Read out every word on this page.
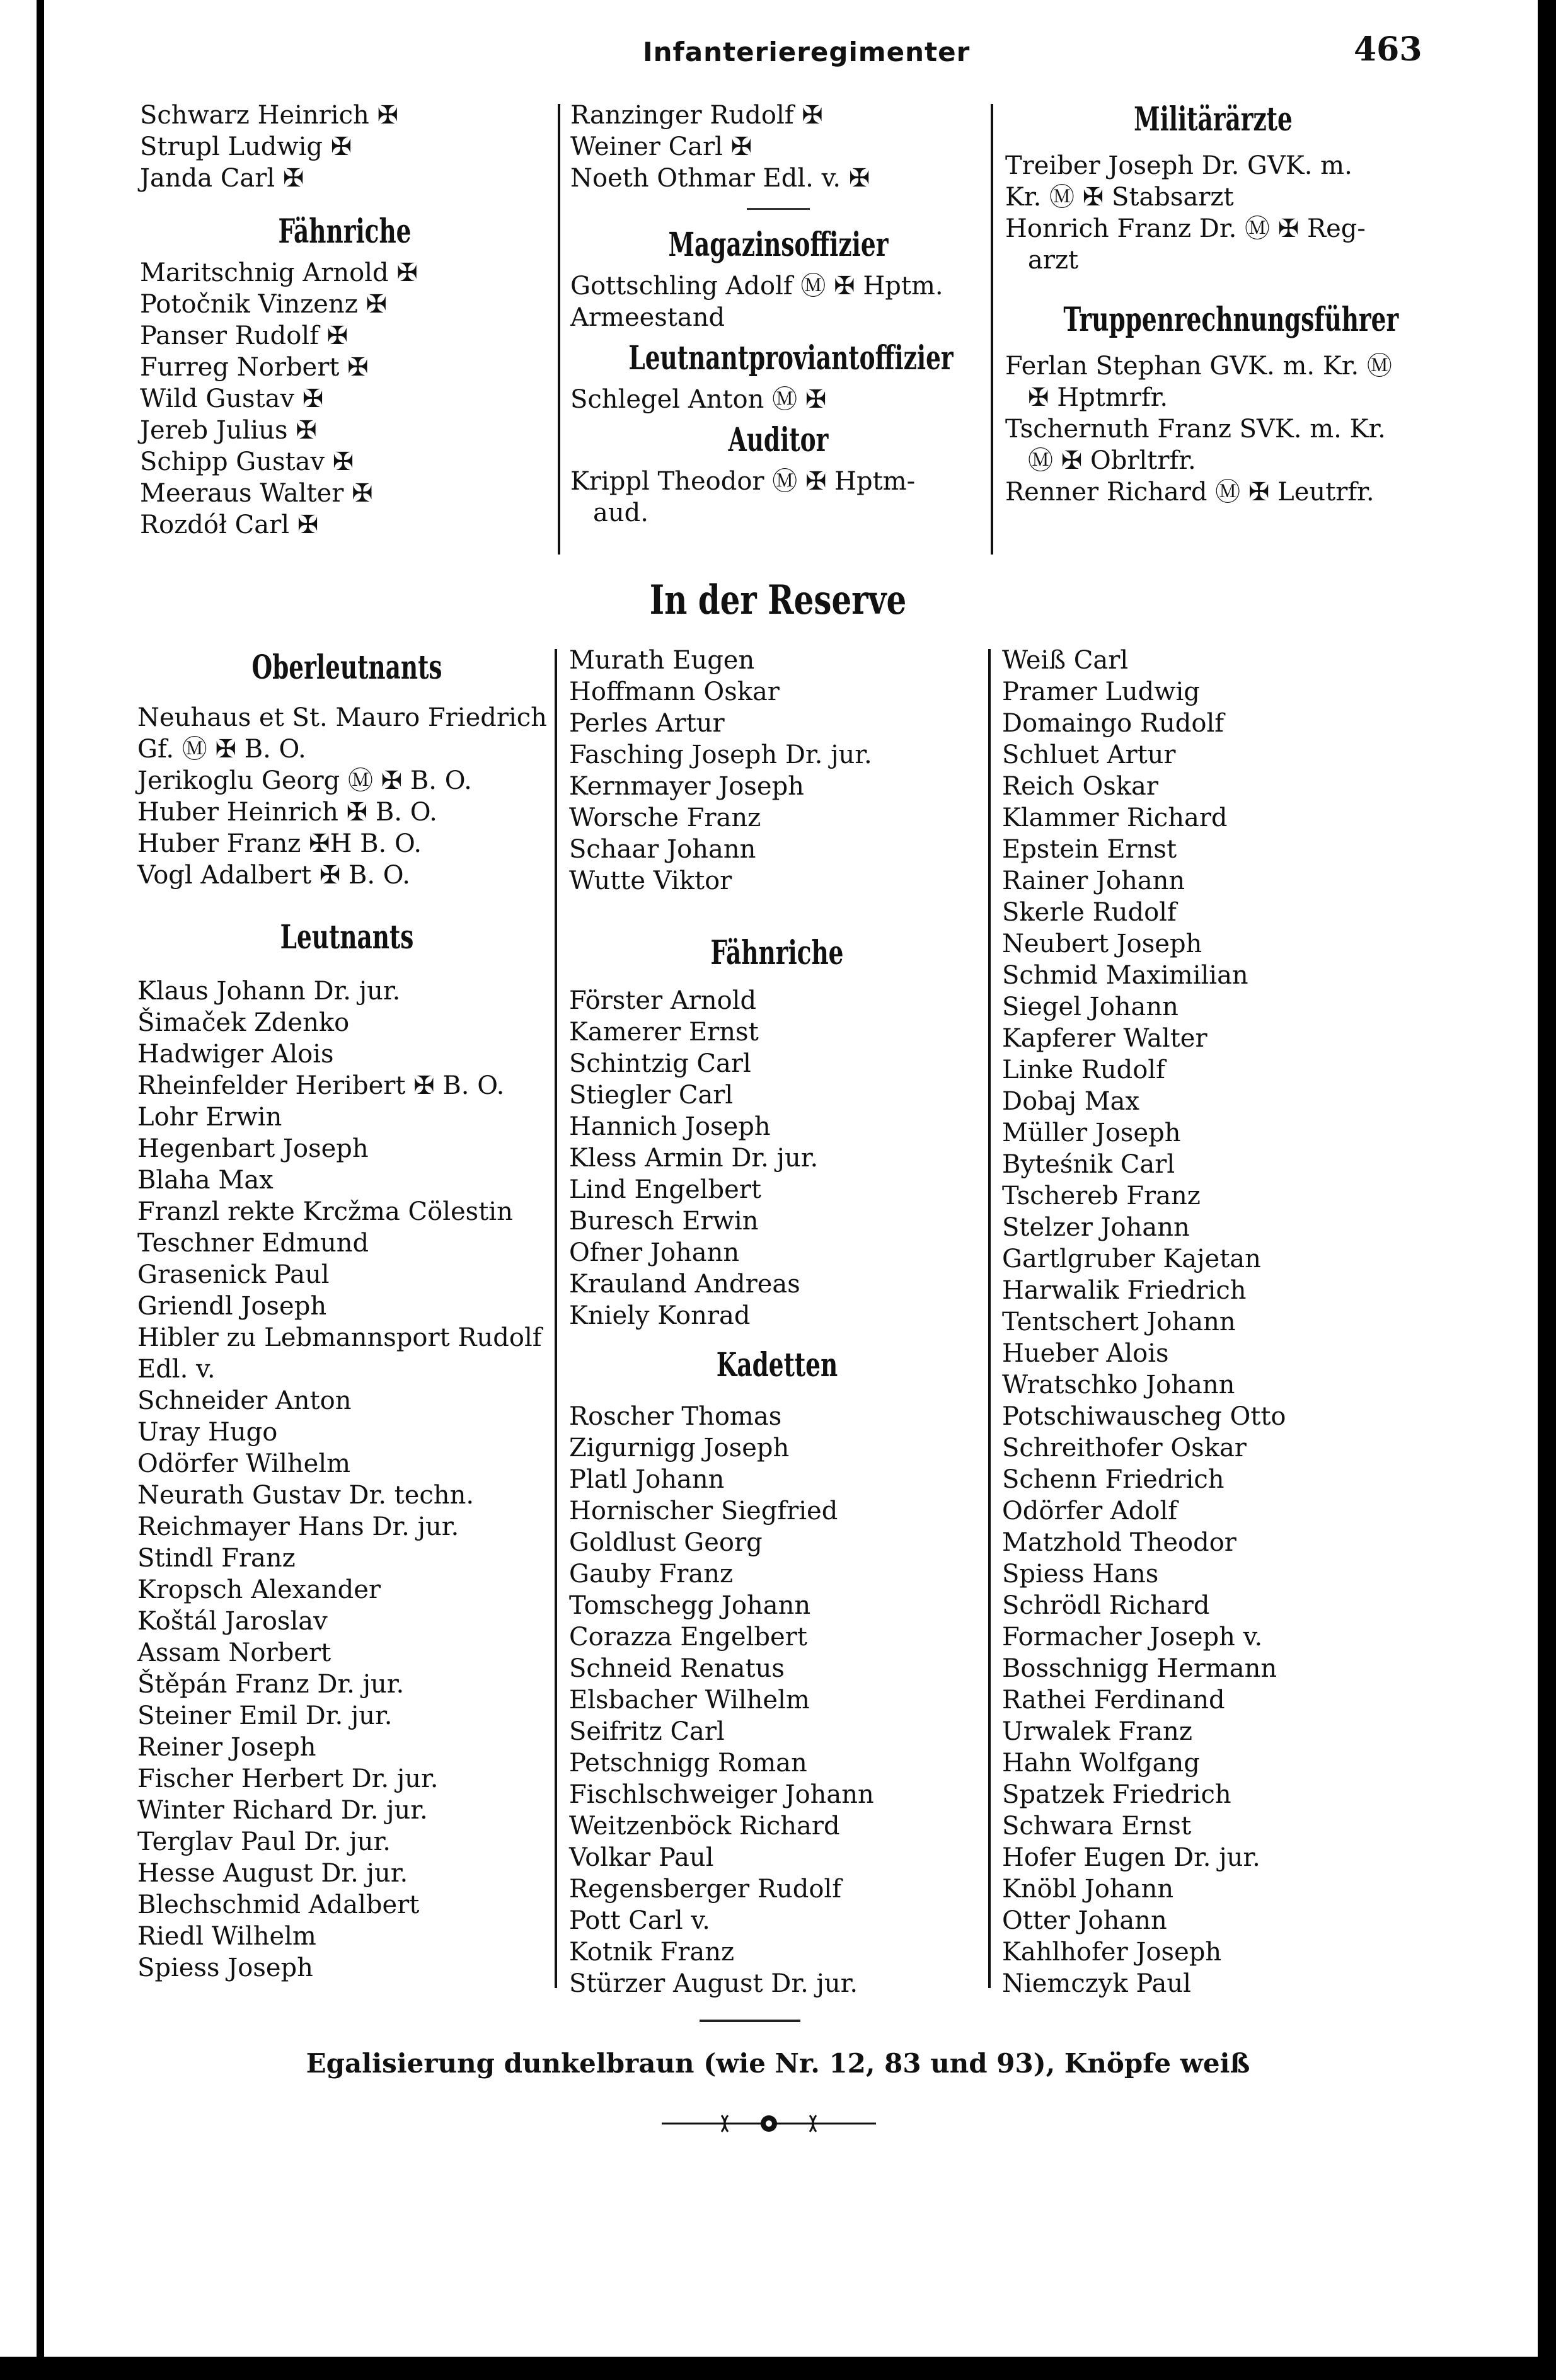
Infanterieregimenter	463
Schwarz Heinrich ✠
Strupl Ludwig ✠
Janda Carl ✠
Fähnriche
Maritschnig Arnold ✠
Potočnik Vinzenz ✠
Panser Rudolf ✠
Furreg Norbert ✠
Wild Gustav ✠
Jereb Julius ✠
Schipp Gustav ✠
Meeraus Walter ✠
Rozdół Carl ✠
Ranzinger Rudolf ✠
Weiner Carl ✠
Noeth Othmar Edl. v. ✠
Magazinsoffizier
Gottschling Adolf Ⓜ ✠ Hptm.
Armeestand
Leutnantproviantoffizier
Schlegel Anton Ⓜ ✠
Auditor
Krippl Theodor Ⓜ ✠ Hptm-
aud.
Militärärzte
Treiber Joseph Dr. GVK. m.
Kr. Ⓜ ✠ Stabsarzt
Honrich Franz Dr. Ⓜ ✠ Reg-
arzt
Truppenrechnungsführer
Ferlan Stephan GVK. m. Kr. Ⓜ
✠ Hptmrfr.
Tschernuth Franz SVK. m. Kr.
Ⓜ ✠ Obrltrfr.
Renner Richard Ⓜ ✠ Leutrfr.
In der Reserve
Oberleutnants
Neuhaus et St. Mauro Friedrich
Gf. Ⓜ ✠ B. O.
Jerikoglu Georg Ⓜ ✠ B. O.
Huber Heinrich ✠ B. O.
Huber Franz ✠H B. O.
Vogl Adalbert ✠ B. O.
Leutnants
Klaus Johann Dr. jur.
Šimaček Zdenko
Hadwiger Alois
Rheinfelder Heribert ✠ B. O.
Lohr Erwin
Hegenbart Joseph
Blaha Max
Franzl rekte Krcžma Cölestin
Teschner Edmund
Grasenick Paul
Griendl Joseph
Hibler zu Lebmannsport Rudolf
Edl. v.
Schneider Anton
Uray Hugo
Odörfer Wilhelm
Neurath Gustav Dr. techn.
Reichmayer Hans Dr. jur.
Stindl Franz
Kropsch Alexander
Koštál Jaroslav
Assam Norbert
Štěpán Franz Dr. jur.
Steiner Emil Dr. jur.
Reiner Joseph
Fischer Herbert Dr. jur.
Winter Richard Dr. jur.
Terglav Paul Dr. jur.
Hesse August Dr. jur.
Blechschmid Adalbert
Riedl Wilhelm
Spiess Joseph
Murath Eugen
Hoffmann Oskar
Perles Artur
Fasching Joseph Dr. jur.
Kernmayer Joseph
Worsche Franz
Schaar Johann
Wutte Viktor
Fähnriche
Förster Arnold
Kamerer Ernst
Schintzig Carl
Stiegler Carl
Hannich Joseph
Kless Armin Dr. jur.
Lind Engelbert
Buresch Erwin
Ofner Johann
Krauland Andreas
Kniely Konrad
Kadetten
Roscher Thomas
Zigurnigg Joseph
Platl Johann
Hornischer Siegfried
Goldlust Georg
Gauby Franz
Tomschegg Johann
Corazza Engelbert
Schneid Renatus
Elsbacher Wilhelm
Seifritz Carl
Petschnigg Roman
Fischlschweiger Johann
Weitzenböck Richard
Volkar Paul
Regensberger Rudolf
Pott Carl v.
Kotnik Franz
Stürzer August Dr. jur.
Weiß Carl
Pramer Ludwig
Domaingo Rudolf
Schluet Artur
Reich Oskar
Klammer Richard
Epstein Ernst
Rainer Johann
Skerle Rudolf
Neubert Joseph
Schmid Maximilian
Siegel Johann
Kapferer Walter
Linke Rudolf
Dobaj Max
Müller Joseph
Byteśnik Carl
Tschereb Franz
Stelzer Johann
Gartlgruber Kajetan
Harwalik Friedrich
Tentschert Johann
Hueber Alois
Wratschko Johann
Potschiwauscheg Otto
Schreithofer Oskar
Schenn Friedrich
Odörfer Adolf
Matzhold Theodor
Spiess Hans
Schrödl Richard
Formacher Joseph v.
Bosschnigg Hermann
Rathei Ferdinand
Urwalek Franz
Hahn Wolfgang
Spatzek Friedrich
Schwara Ernst
Hofer Eugen Dr. jur.
Knöbl Johann
Otter Johann
Kahlhofer Joseph
Niemczyk Paul
Egalisierung dunkelbraun (wie Nr. 12, 83 und 93), Knöpfe weiß
